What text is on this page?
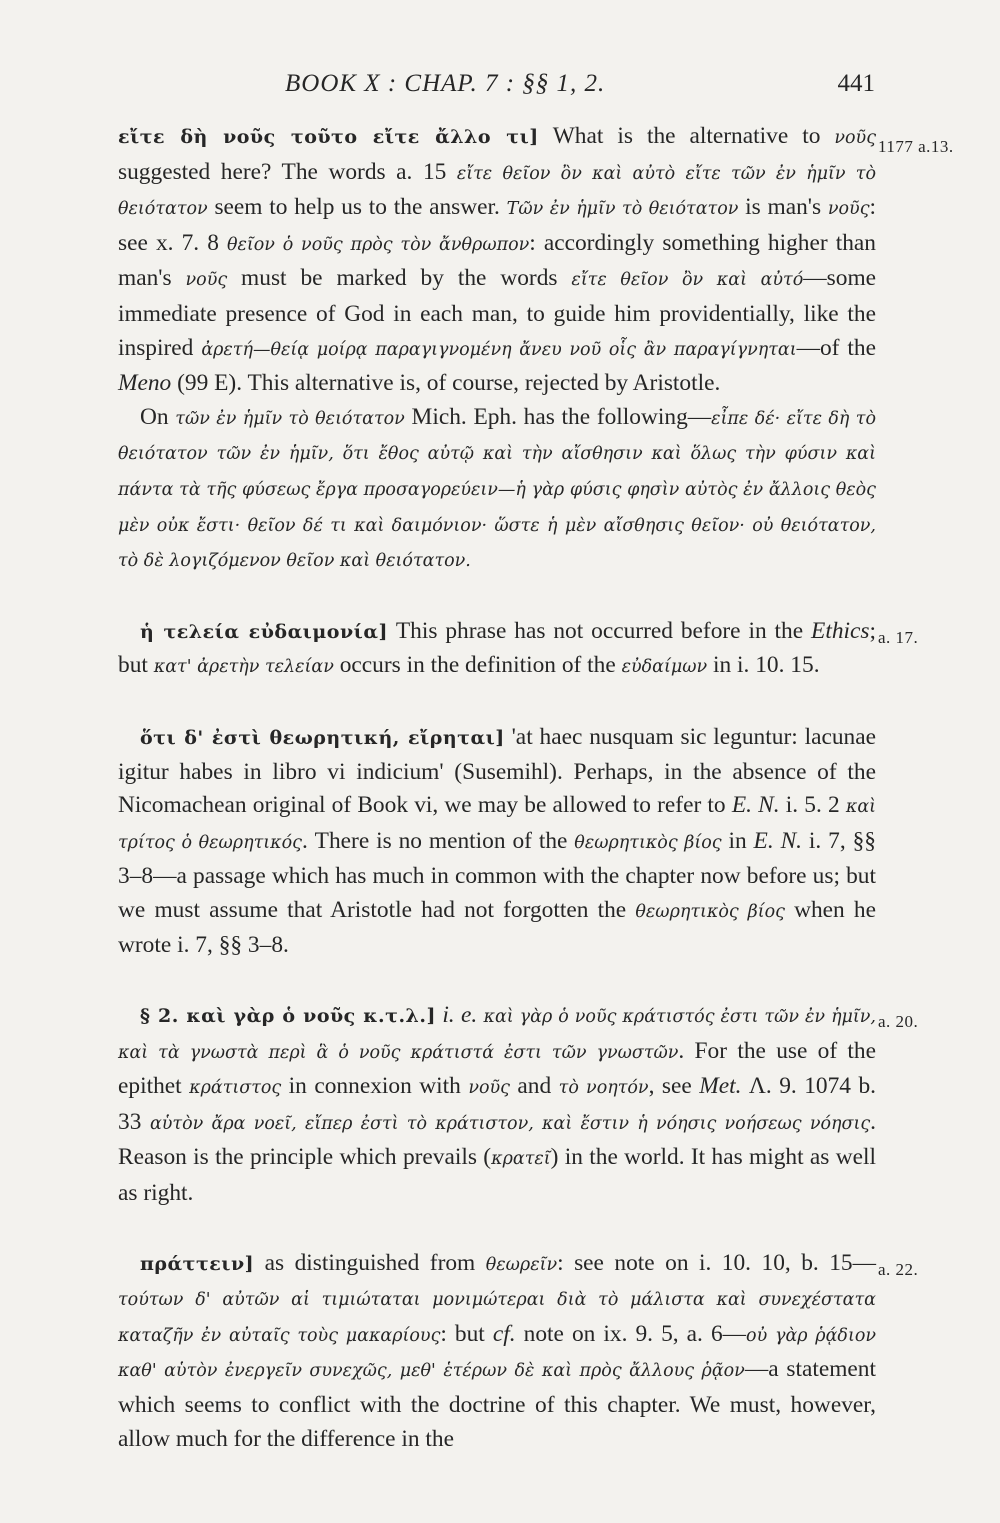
BOOK X : CHAP. 7 : §§ 1, 2.	441
1177 a.13.

εἴτε δὴ νοῦς τοῦτο εἴτε ἄλλο τι] What is the alternative to νοῦς suggested here? The words a. 15 εἴτε θεῖον ὂν καὶ αὐτὸ εἴτε τῶν ἐν ἡμῖν τὸ θειότατον seem to help us to the answer. Τῶν ἐν ἡμῖν τὸ θειότατον is man's νοῦς: see x. 7. 8 θεῖον ὁ νοῦς πρὸς τὸν ἄνθρωπον: accordingly something higher than man's νοῦς must be marked by the words εἴτε θεῖον ὂν καὶ αὐτό—some immediate presence of God in each man, to guide him providentially, like the inspired ἀρετή—θείᾳ μοίρᾳ παραγιγνομένη ἄνευ νοῦ οἷς ἂν παραγίγνηται—of the Meno (99 E). This alternative is, of course, rejected by Aristotle.

On τῶν ἐν ἡμῖν τὸ θειότατον Mich. Eph. has the following—εἶπε δέ· εἴτε δὴ τὸ θειότατον τῶν ἐν ἡμῖν, ὅτι ἔθος αὐτῷ καὶ τὴν αἴσθησιν καὶ ὅλως τὴν φύσιν καὶ πάντα τὰ τῆς φύσεως ἔργα προσαγορεύειν—ἡ γὰρ φύσις φησὶν αὐτὸς ἐν ἄλλοις θεὸς μὲν οὐκ ἔστι· θεῖον δέ τι καὶ δαιμόνιον· ὥστε ἡ μὲν αἴσθησις θεῖον· οὐ θειότατον, τὸ δὲ λογιζόμενον θεῖον καὶ θειότατον.

a. 17.

ἡ τελεία εὐδαιμονία] This phrase has not occurred before in the Ethics; but κατ' ἀρετὴν τελείαν occurs in the definition of the εὐδαίμων in i. 10. 15.

ὅτι δ' ἐστὶ θεωρητική, εἴρηται] 'at haec nusquam sic leguntur: lacunae igitur habes in libro vi indicium' (Susemihl). Perhaps, in the absence of the Nicomachean original of Book vi, we may be allowed to refer to E. N. i. 5. 2 καὶ τρίτος ὁ θεωρητικός. There is no mention of the θεωρητικὸς βίος in E. N. i. 7, §§ 3–8—a passage which has much in common with the chapter now before us; but we must assume that Aristotle had not forgotten the θεωρητικὸς βίος when he wrote i. 7, §§ 3–8.

a. 20.

§ 2. καὶ γὰρ ὁ νοῦς κ.τ.λ.] i. e. καὶ γὰρ ὁ νοῦς κράτιστός ἐστι τῶν ἐν ἡμῖν, καὶ τὰ γνωστὰ περὶ ἃ ὁ νοῦς κράτιστά ἐστι τῶν γνωστῶν. For the use of the epithet κράτιστος in connexion with νοῦς and τὸ νοητόν, see Met. Λ. 9. 1074 b. 33 αὑτὸν ἄρα νοεῖ, εἴπερ ἐστὶ τὸ κράτιστον, καὶ ἔστιν ἡ νόησις νοήσεως νόησις. Reason is the principle which prevails (κρατεῖ) in the world. It has might as well as right.

a. 22.

πράττειν] as distinguished from θεωρεῖν: see note on i. 10. 10, b. 15—τούτων δ' αὐτῶν αἱ τιμιώταται μονιμώτεραι διὰ τὸ μάλιστα καὶ συνεχέστατα καταζῆν ἐν αὐταῖς τοὺς μακαρίους: but cf. note on ix. 9. 5, a. 6—οὐ γὰρ ῥᾴδιον καθ' αὑτὸν ἐνεργεῖν συνεχῶς, μεθ' ἑτέρων δὲ καὶ πρὸς ἄλλους ῥᾷον—a statement which seems to conflict with the doctrine of this chapter. We must, however, allow much for the difference in the
